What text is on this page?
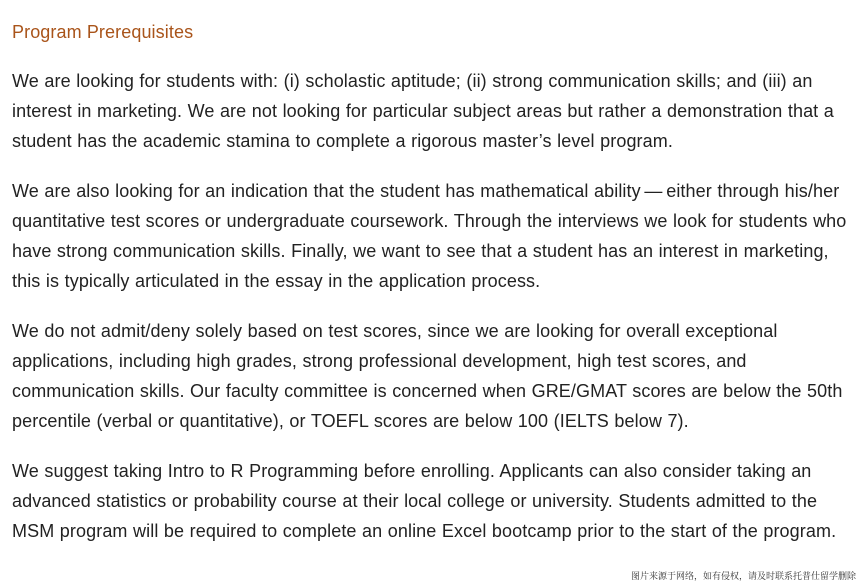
Program Prerequisites

We are looking for students with: (i) scholastic aptitude; (ii) strong communication skills; and (iii) an interest in marketing. We are not looking for particular subject areas but rather a demonstration that a student has the academic stamina to complete a rigorous master’s level program.

We are also looking for an indication that the student has mathematical ability — either through his/her quantitative test scores or undergraduate coursework. Through the interviews we look for students who have strong communication skills. Finally, we want to see that a student has an interest in marketing, this is typically articulated in the essay in the application process.

We do not admit/deny solely based on test scores, since we are looking for overall exceptional applications, including high grades, strong professional development, high test scores, and communication skills. Our faculty committee is concerned when GRE/GMAT scores are below the 50th percentile (verbal or quantitative), or TOEFL scores are below 100 (IELTS below 7).

We suggest taking Intro to R Programming before enrolling. Applicants can also consider taking an advanced statistics or probability course at their local college or university. Students admitted to the MSM program will be required to complete an online Excel bootcamp prior to the start of the program.

图片来源于网络，如有侵权，请及时联系托普仕留学删除
